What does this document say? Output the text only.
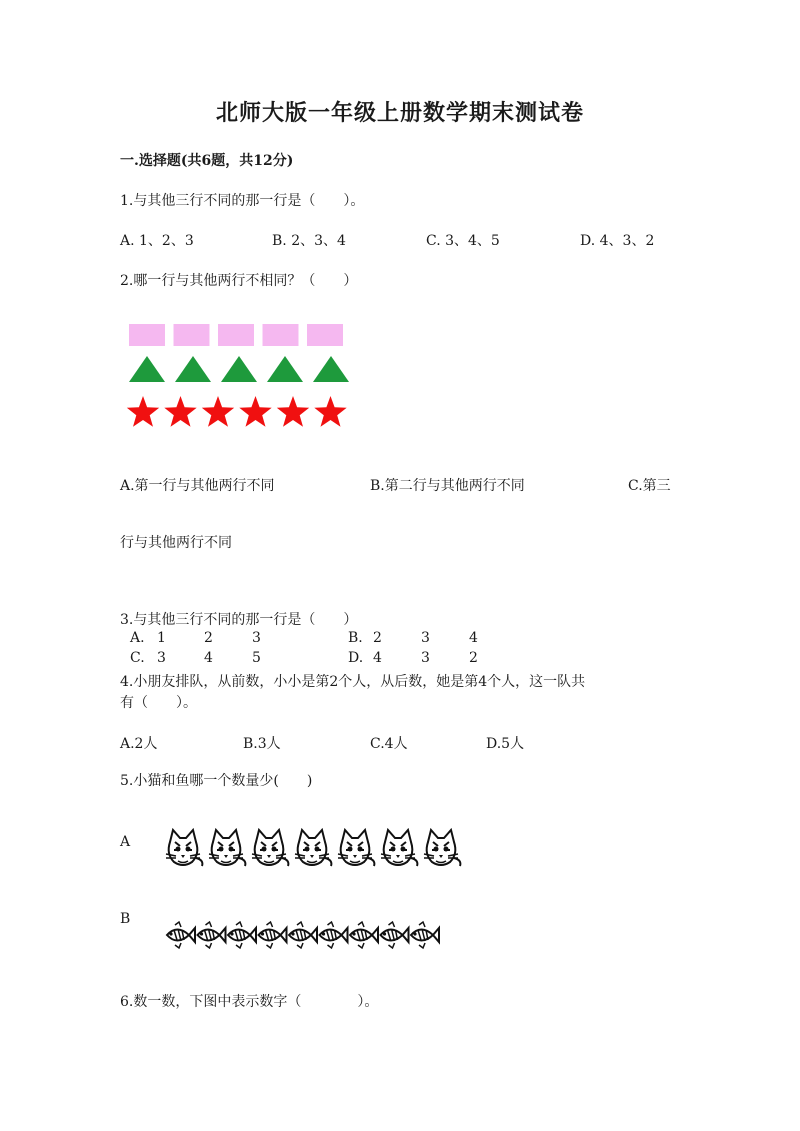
北师大版一年级上册数学期末测试卷
一.选择题(共6题，共12分)
1.与其他三行不同的那一行是（　　）。
A. 1、2、3	B. 2、3、4	C. 3、4、5	D. 4、3、2
2.哪一行与其他两行不相同？（　　）
A.第一行与其他两行不同	B.第二行与其他两行不同	C.第三
行与其他两行不同
3.与其他三行不同的那一行是（　　）
A. 1	2	3	B. 2	3	4
C. 3	4	5	D. 4	3	2
4.小朋友排队，从前数，小小是第2个人，从后数，她是第4个人，这一队共
有（　　）。
A.2人	B.3人	C.4人	D.5人
5.小猫和鱼哪一个数量少(　　)
A
B
6.数一数，下图中表示数字（　　　　）。
